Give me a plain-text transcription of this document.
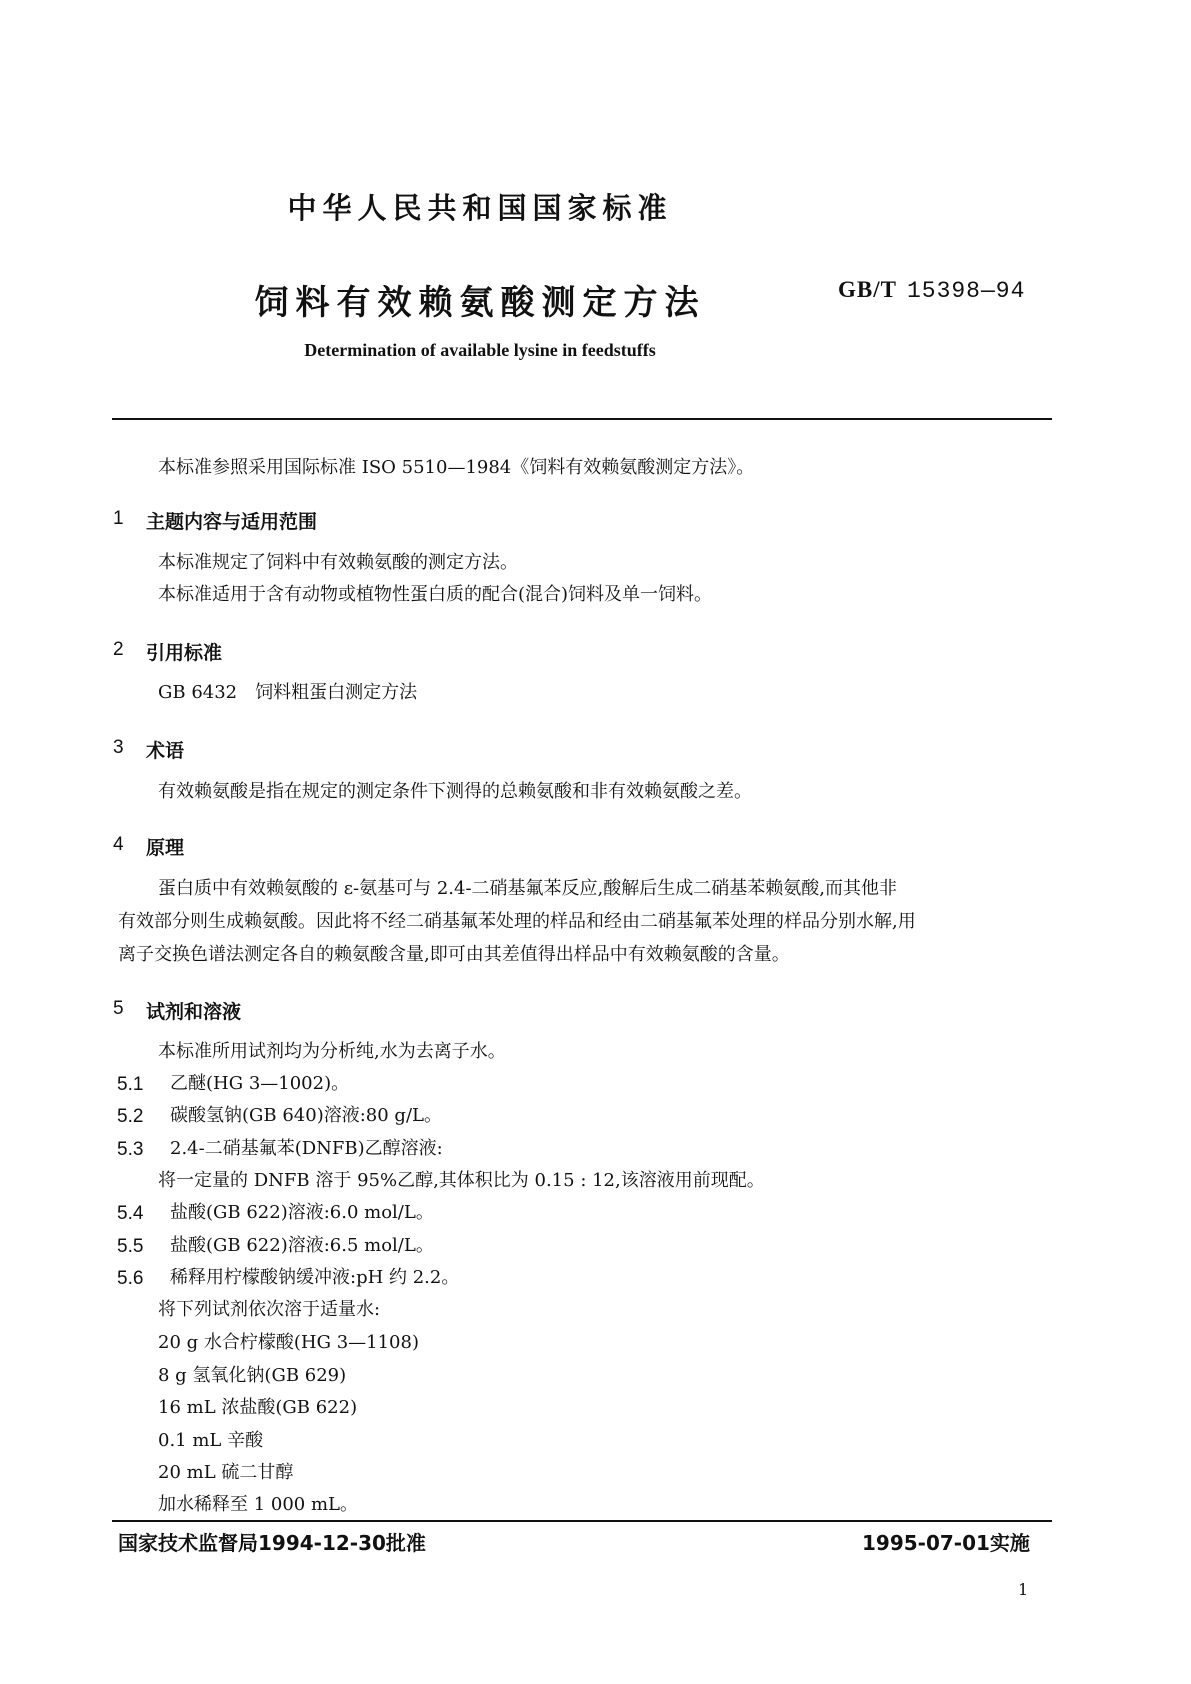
中华人民共和国国家标准
饲料有效赖氨酸测定方法	GB/T 15398—94
Determination of available lysine in feedstuffs
本标准参照采用国际标准 ISO 5510—1984《饲料有效赖氨酸测定方法》。
1 主题内容与适用范围
本标准规定了饲料中有效赖氨酸的测定方法。
本标准适用于含有动物或植物性蛋白质的配合(混合)饲料及单一饲料。
2 引用标准
GB 6432　饲料粗蛋白测定方法
3 术语
有效赖氨酸是指在规定的测定条件下测得的总赖氨酸和非有效赖氨酸之差。
4 原理
蛋白质中有效赖氨酸的 ε-氨基可与 2.4-二硝基氟苯反应,酸解后生成二硝基苯赖氨酸,而其他非
有效部分则生成赖氨酸。因此将不经二硝基氟苯处理的样品和经由二硝基氟苯处理的样品分别水解,用
离子交换色谱法测定各自的赖氨酸含量,即可由其差值得出样品中有效赖氨酸的含量。
5 试剂和溶液
本标准所用试剂均为分析纯,水为去离子水。
5.1 乙醚(HG 3—1002)。
5.2 碳酸氢钠(GB 640)溶液:80 g/L。
5.3 2.4-二硝基氟苯(DNFB)乙醇溶液:
将一定量的 DNFB 溶于 95%乙醇,其体积比为 0.15 : 12,该溶液用前现配。
5.4 盐酸(GB 622)溶液:6.0 mol/L。
5.5 盐酸(GB 622)溶液:6.5 mol/L。
5.6 稀释用柠檬酸钠缓冲液:pH 约 2.2。
将下列试剂依次溶于适量水:
20 g 水合柠檬酸(HG 3—1108)
8 g 氢氧化钠(GB 629)
16 mL 浓盐酸(GB 622)
0.1 mL 辛酸
20 mL 硫二甘醇
加水稀释至 1 000 mL。
国家技术监督局1994-12-30批准	1995-07-01实施
1
